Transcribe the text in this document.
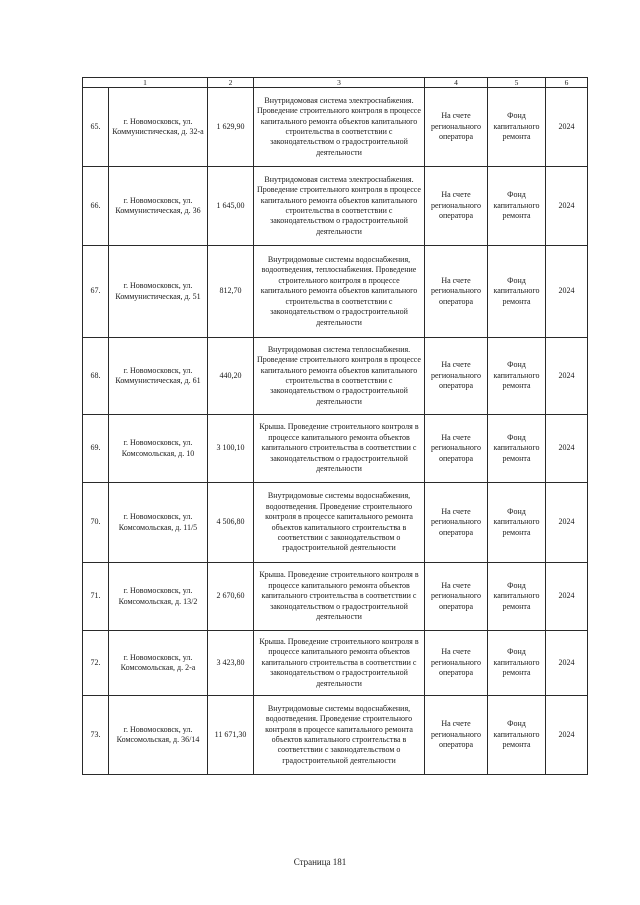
1		2	3	4	5	6
65.	г. Новомосковск, ул. Коммунистическая, д. 32-а	1 629,90	Внутридомовая система электроснабжения. Проведение строительного контроля в процессе капитального ремонта объектов капитального строительства в соответствии с законодательством о градостроительной деятельности	На счете регионального оператора	Фонд капитального ремонта	2024
66.	г. Новомосковск, ул. Коммунистическая, д. 36	1 645,00	Внутридомовая система электроснабжения. Проведение строительного контроля в процессе капитального ремонта объектов капитального строительства в соответствии с законодательством о градостроительной деятельности	На счете регионального оператора	Фонд капитального ремонта	2024
67.	г. Новомосковск, ул. Коммунистическая, д. 51	812,70	Внутридомовые системы водоснабжения, водоотведения, теплоснабжения. Проведение строительного контроля в процессе капитального ремонта объектов капитального строительства в соответствии с законодательством о градостроительной деятельности	На счете регионального оператора	Фонд капитального ремонта	2024
68.	г. Новомосковск, ул. Коммунистическая, д. 61	440,20	Внутридомовая система теплоснабжения. Проведение строительного контроля в процессе капитального ремонта объектов капитального строительства в соответствии с законодательством о градостроительной деятельности	На счете регионального оператора	Фонд капитального ремонта	2024
69.	г. Новомосковск, ул. Комсомольская, д. 10	3 100,10	Крыша. Проведение строительного контроля в процессе капитального ремонта объектов капитального строительства в соответствии с законодательством о градостроительной деятельности	На счете регионального оператора	Фонд капитального ремонта	2024
70.	г. Новомосковск, ул. Комсомольская, д. 11/5	4 506,80	Внутридомовые системы водоснабжения, водоотведения. Проведение строительного контроля в процессе капитального ремонта объектов капитального строительства в соответствии с законодательством о градостроительной деятельности	На счете регионального оператора	Фонд капитального ремонта	2024
71.	г. Новомосковск, ул. Комсомольская, д. 13/2	2 670,60	Крыша. Проведение строительного контроля в процессе капитального ремонта объектов капитального строительства в соответствии с законодательством о градостроительной деятельности	На счете регионального оператора	Фонд капитального ремонта	2024
72.	г. Новомосковск, ул. Комсомольская, д. 2-а	3 423,80	Крыша. Проведение строительного контроля в процессе капитального ремонта объектов капитального строительства в соответствии с законодательством о градостроительной деятельности	На счете регионального оператора	Фонд капитального ремонта	2024
73.	г. Новомосковск, ул. Комсомольская, д. 36/14	11 671,30	Внутридомовые системы водоснабжения, водоотведения. Проведение строительного контроля в процессе капитального ремонта объектов капитального строительства в соответствии с законодательством о градостроительной деятельности	На счете регионального оператора	Фонд капитального ремонта	2024
Страница 181
